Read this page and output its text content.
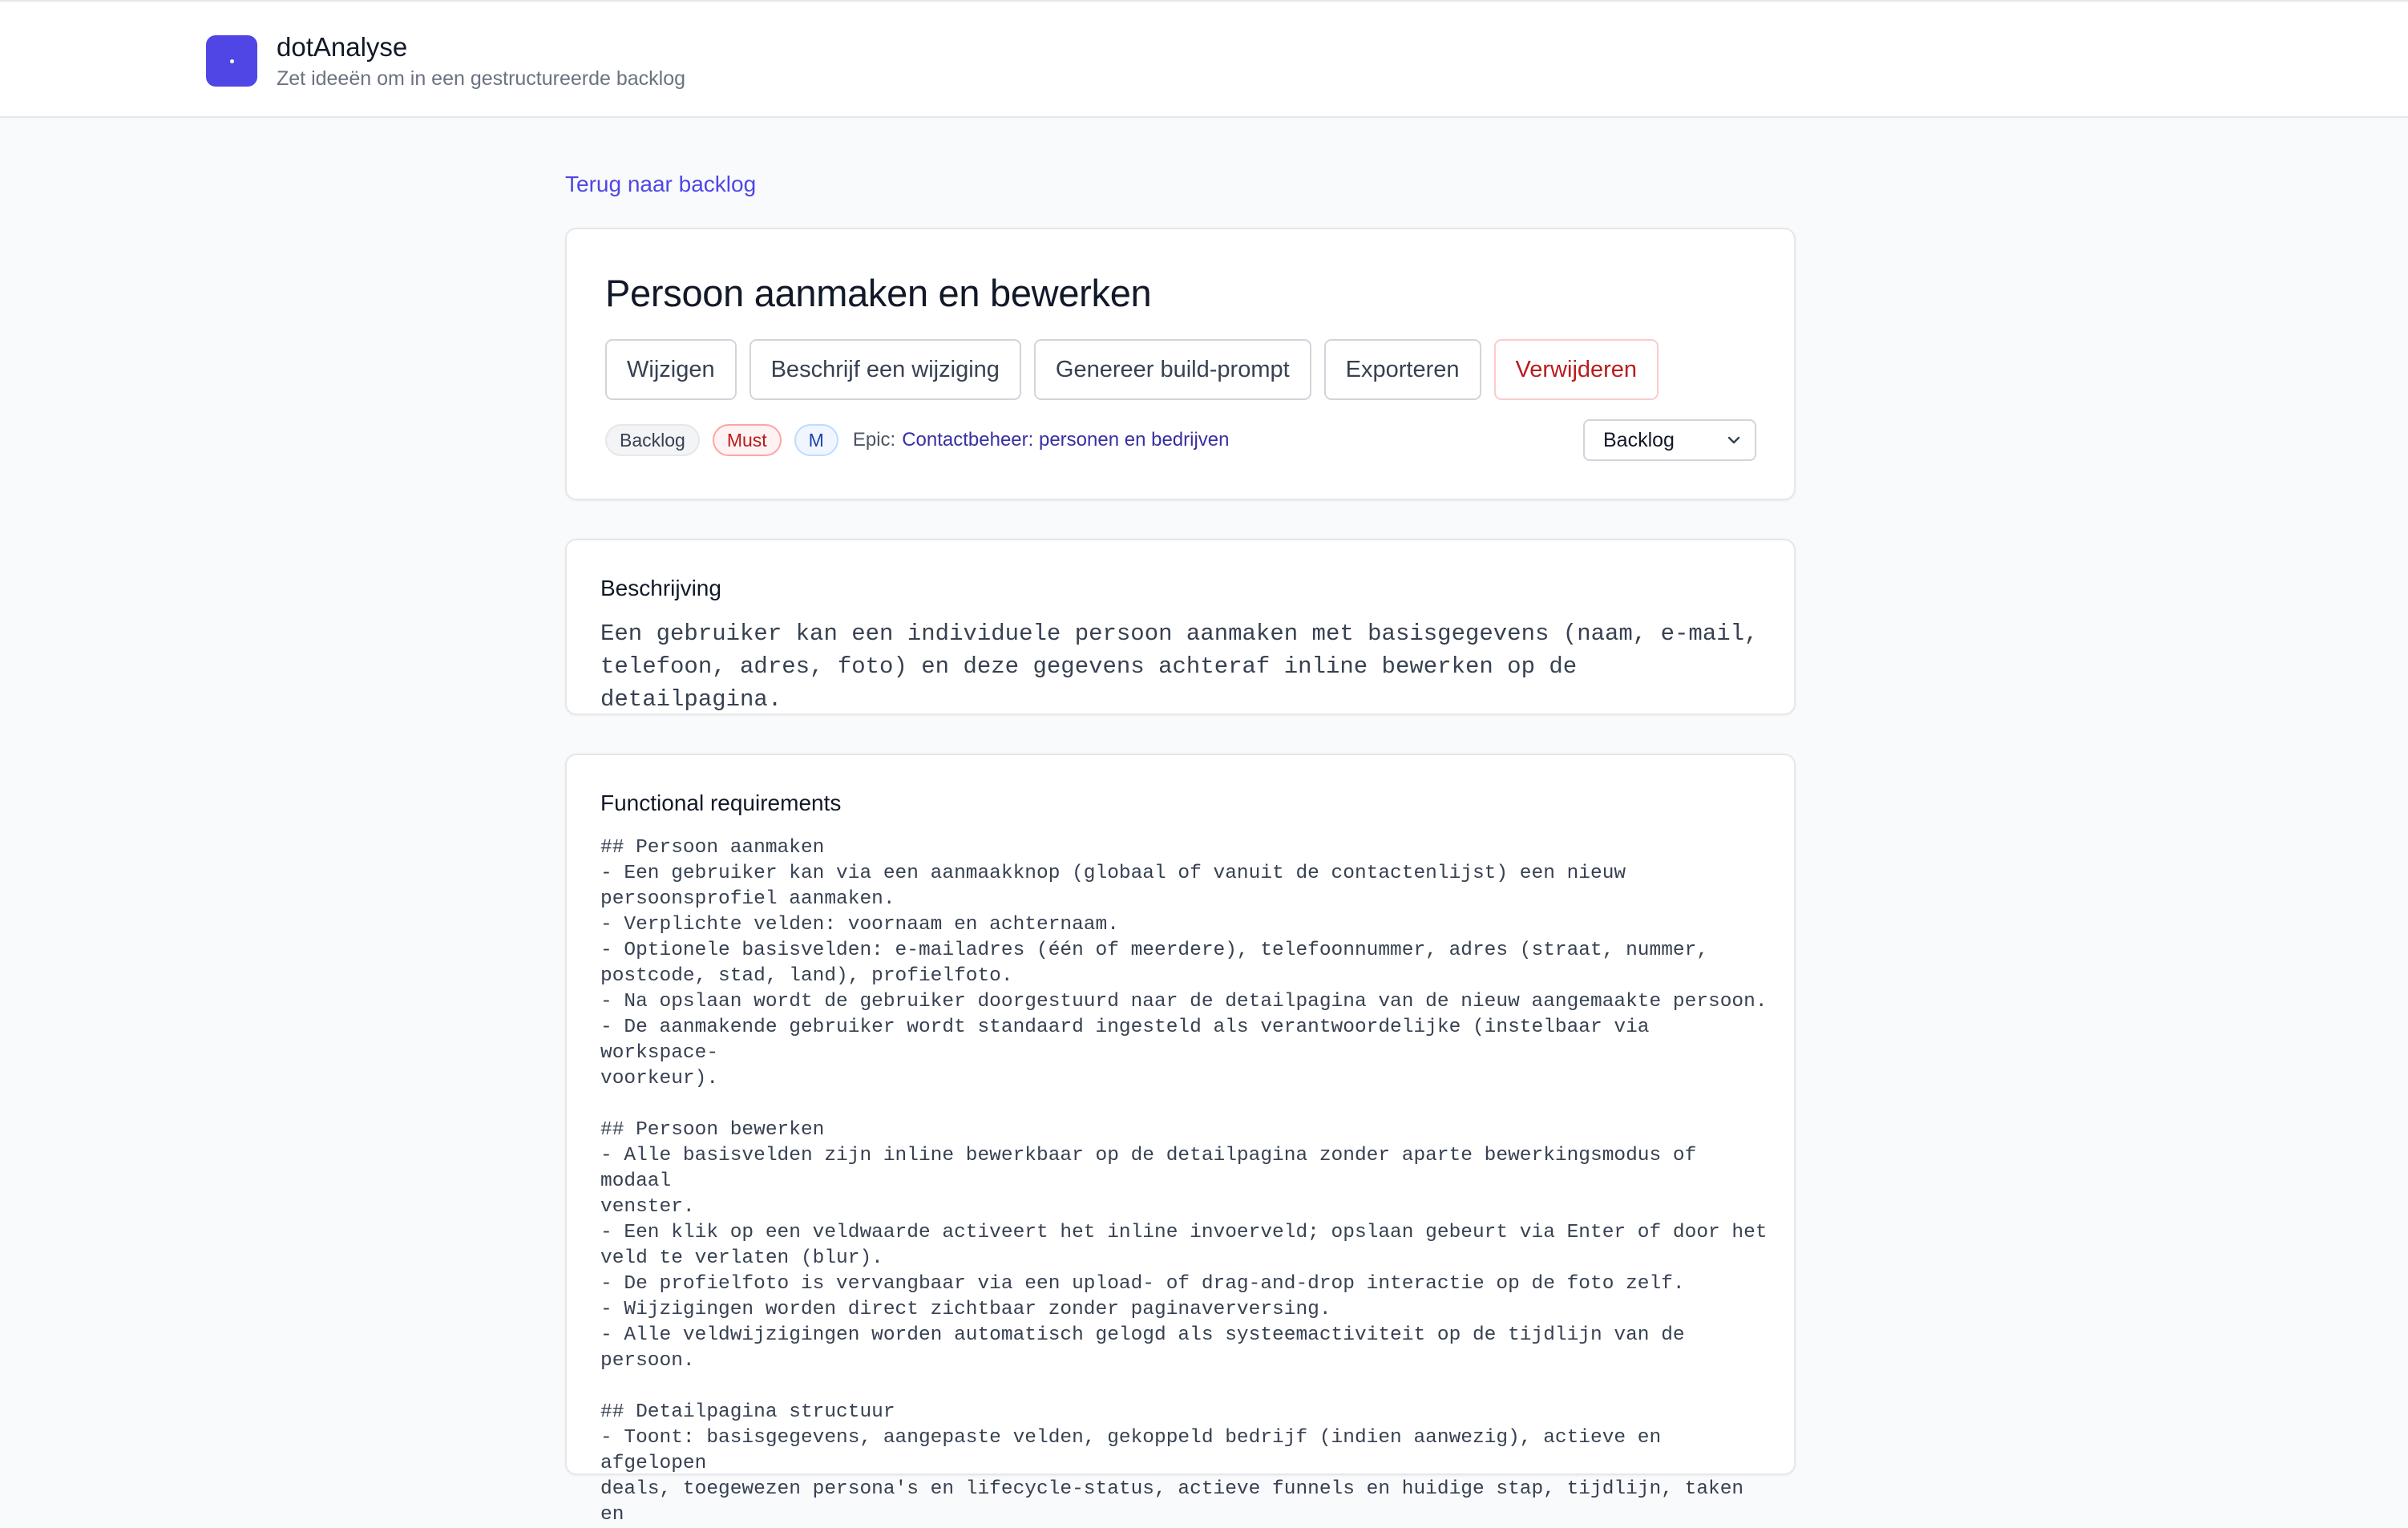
dotAnalyse
Zet ideeën om in een gestructureerde backlog
Terug naar backlog
Persoon aanmaken en bewerken
Wijzigen	Beschrijf een wijziging	Genereer build-prompt	Exporteren	Verwijderen
Backlog	Must	M	Epic: Contactbeheer: personen en bedrijven	Backlog
Beschrijving
Een gebruiker kan een individuele persoon aanmaken met basisgegevens (naam, e-mail,
telefoon, adres, foto) en deze gegevens achteraf inline bewerken op de detailpagina.
Functional requirements
## Persoon aanmaken
- Een gebruiker kan via een aanmaakknop (globaal of vanuit de contactenlijst) een nieuw
persoonsprofiel aanmaken.
- Verplichte velden: voornaam en achternaam.
- Optionele basisvelden: e-mailadres (één of meerdere), telefoonnummer, adres (straat, nummer,
postcode, stad, land), profielfoto.
- Na opslaan wordt de gebruiker doorgestuurd naar de detailpagina van de nieuw aangemaakte persoon.
- De aanmakende gebruiker wordt standaard ingesteld als verantwoordelijke (instelbaar via workspace-
voorkeur).

## Persoon bewerken
- Alle basisvelden zijn inline bewerkbaar op de detailpagina zonder aparte bewerkingsmodus of modaal
venster.
- Een klik op een veldwaarde activeert het inline invoerveld; opslaan gebeurt via Enter of door het
veld te verlaten (blur).
- De profielfoto is vervangbaar via een upload- of drag-and-drop interactie op de foto zelf.
- Wijzigingen worden direct zichtbaar zonder paginaverversing.
- Alle veldwijzigingen worden automatisch gelogd als systeemactiviteit op de tijdlijn van de
persoon.

## Detailpagina structuur
- Toont: basisgegevens, aangepaste velden, gekoppeld bedrijf (indien aanwezig), actieve en afgelopen
deals, toegewezen persona's en lifecycle-status, actieve funnels en huidige stap, tijdlijn, taken en
